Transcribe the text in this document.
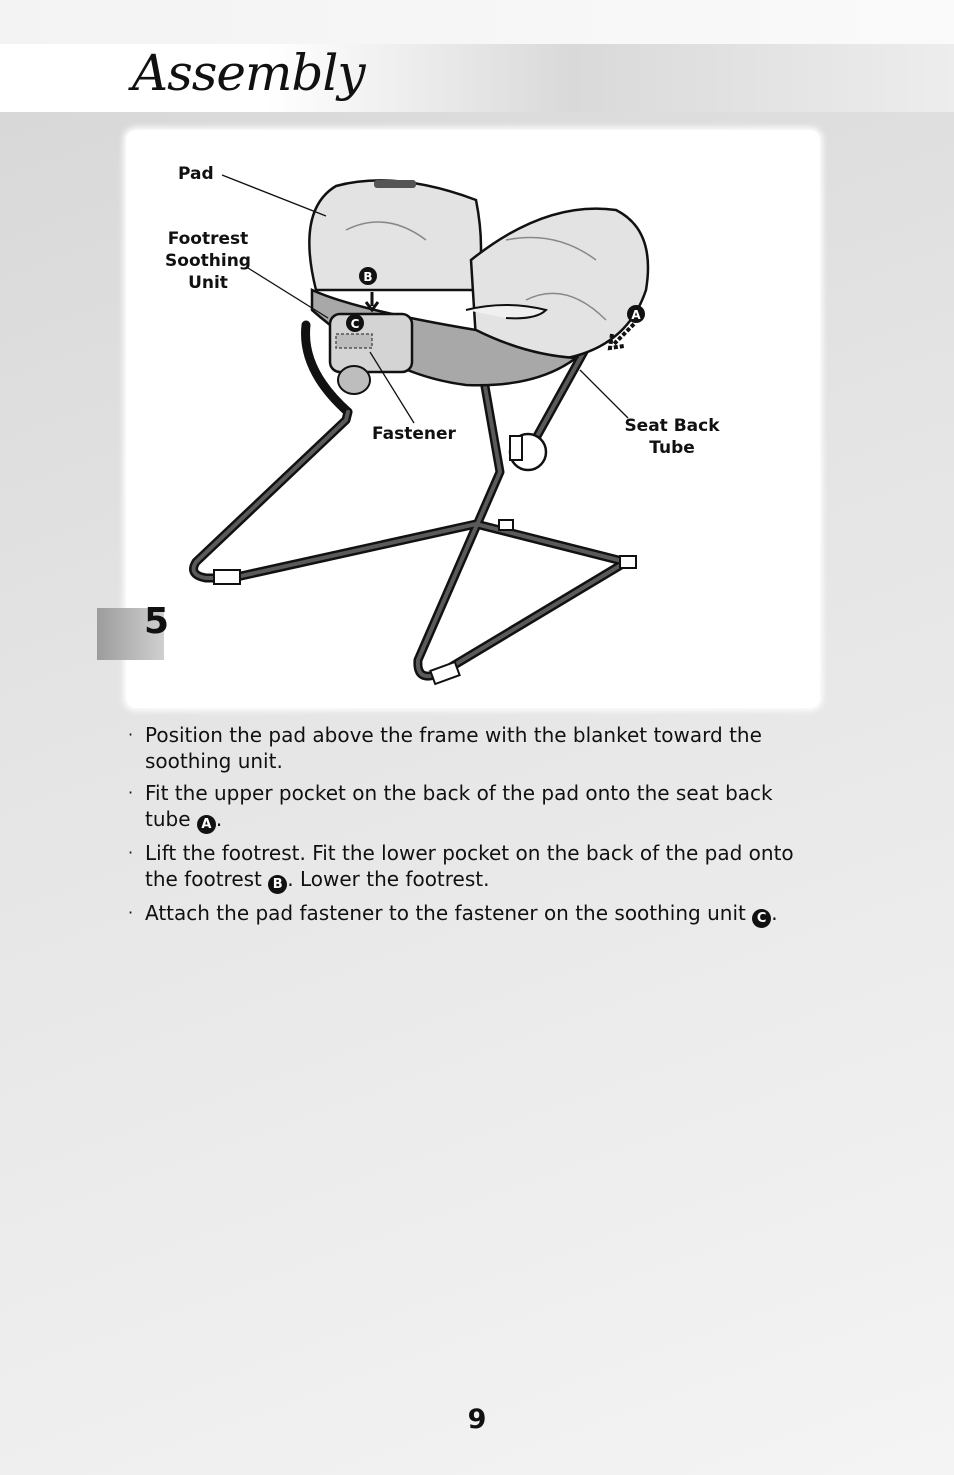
Assembly
B
C
A
Pad
Footrest
Soothing
Unit
Fastener	Seat Back
Tube
5
· Position the pad above the frame with the blanket toward the soothing unit.
· Fit the upper pocket on the back of the pad onto the seat back tube A .
· Lift the footrest. Fit the lower pocket on the back of the pad onto the footrest B . Lower the footrest.
· Attach the pad fastener to the fastener on the soothing unit C .
9
